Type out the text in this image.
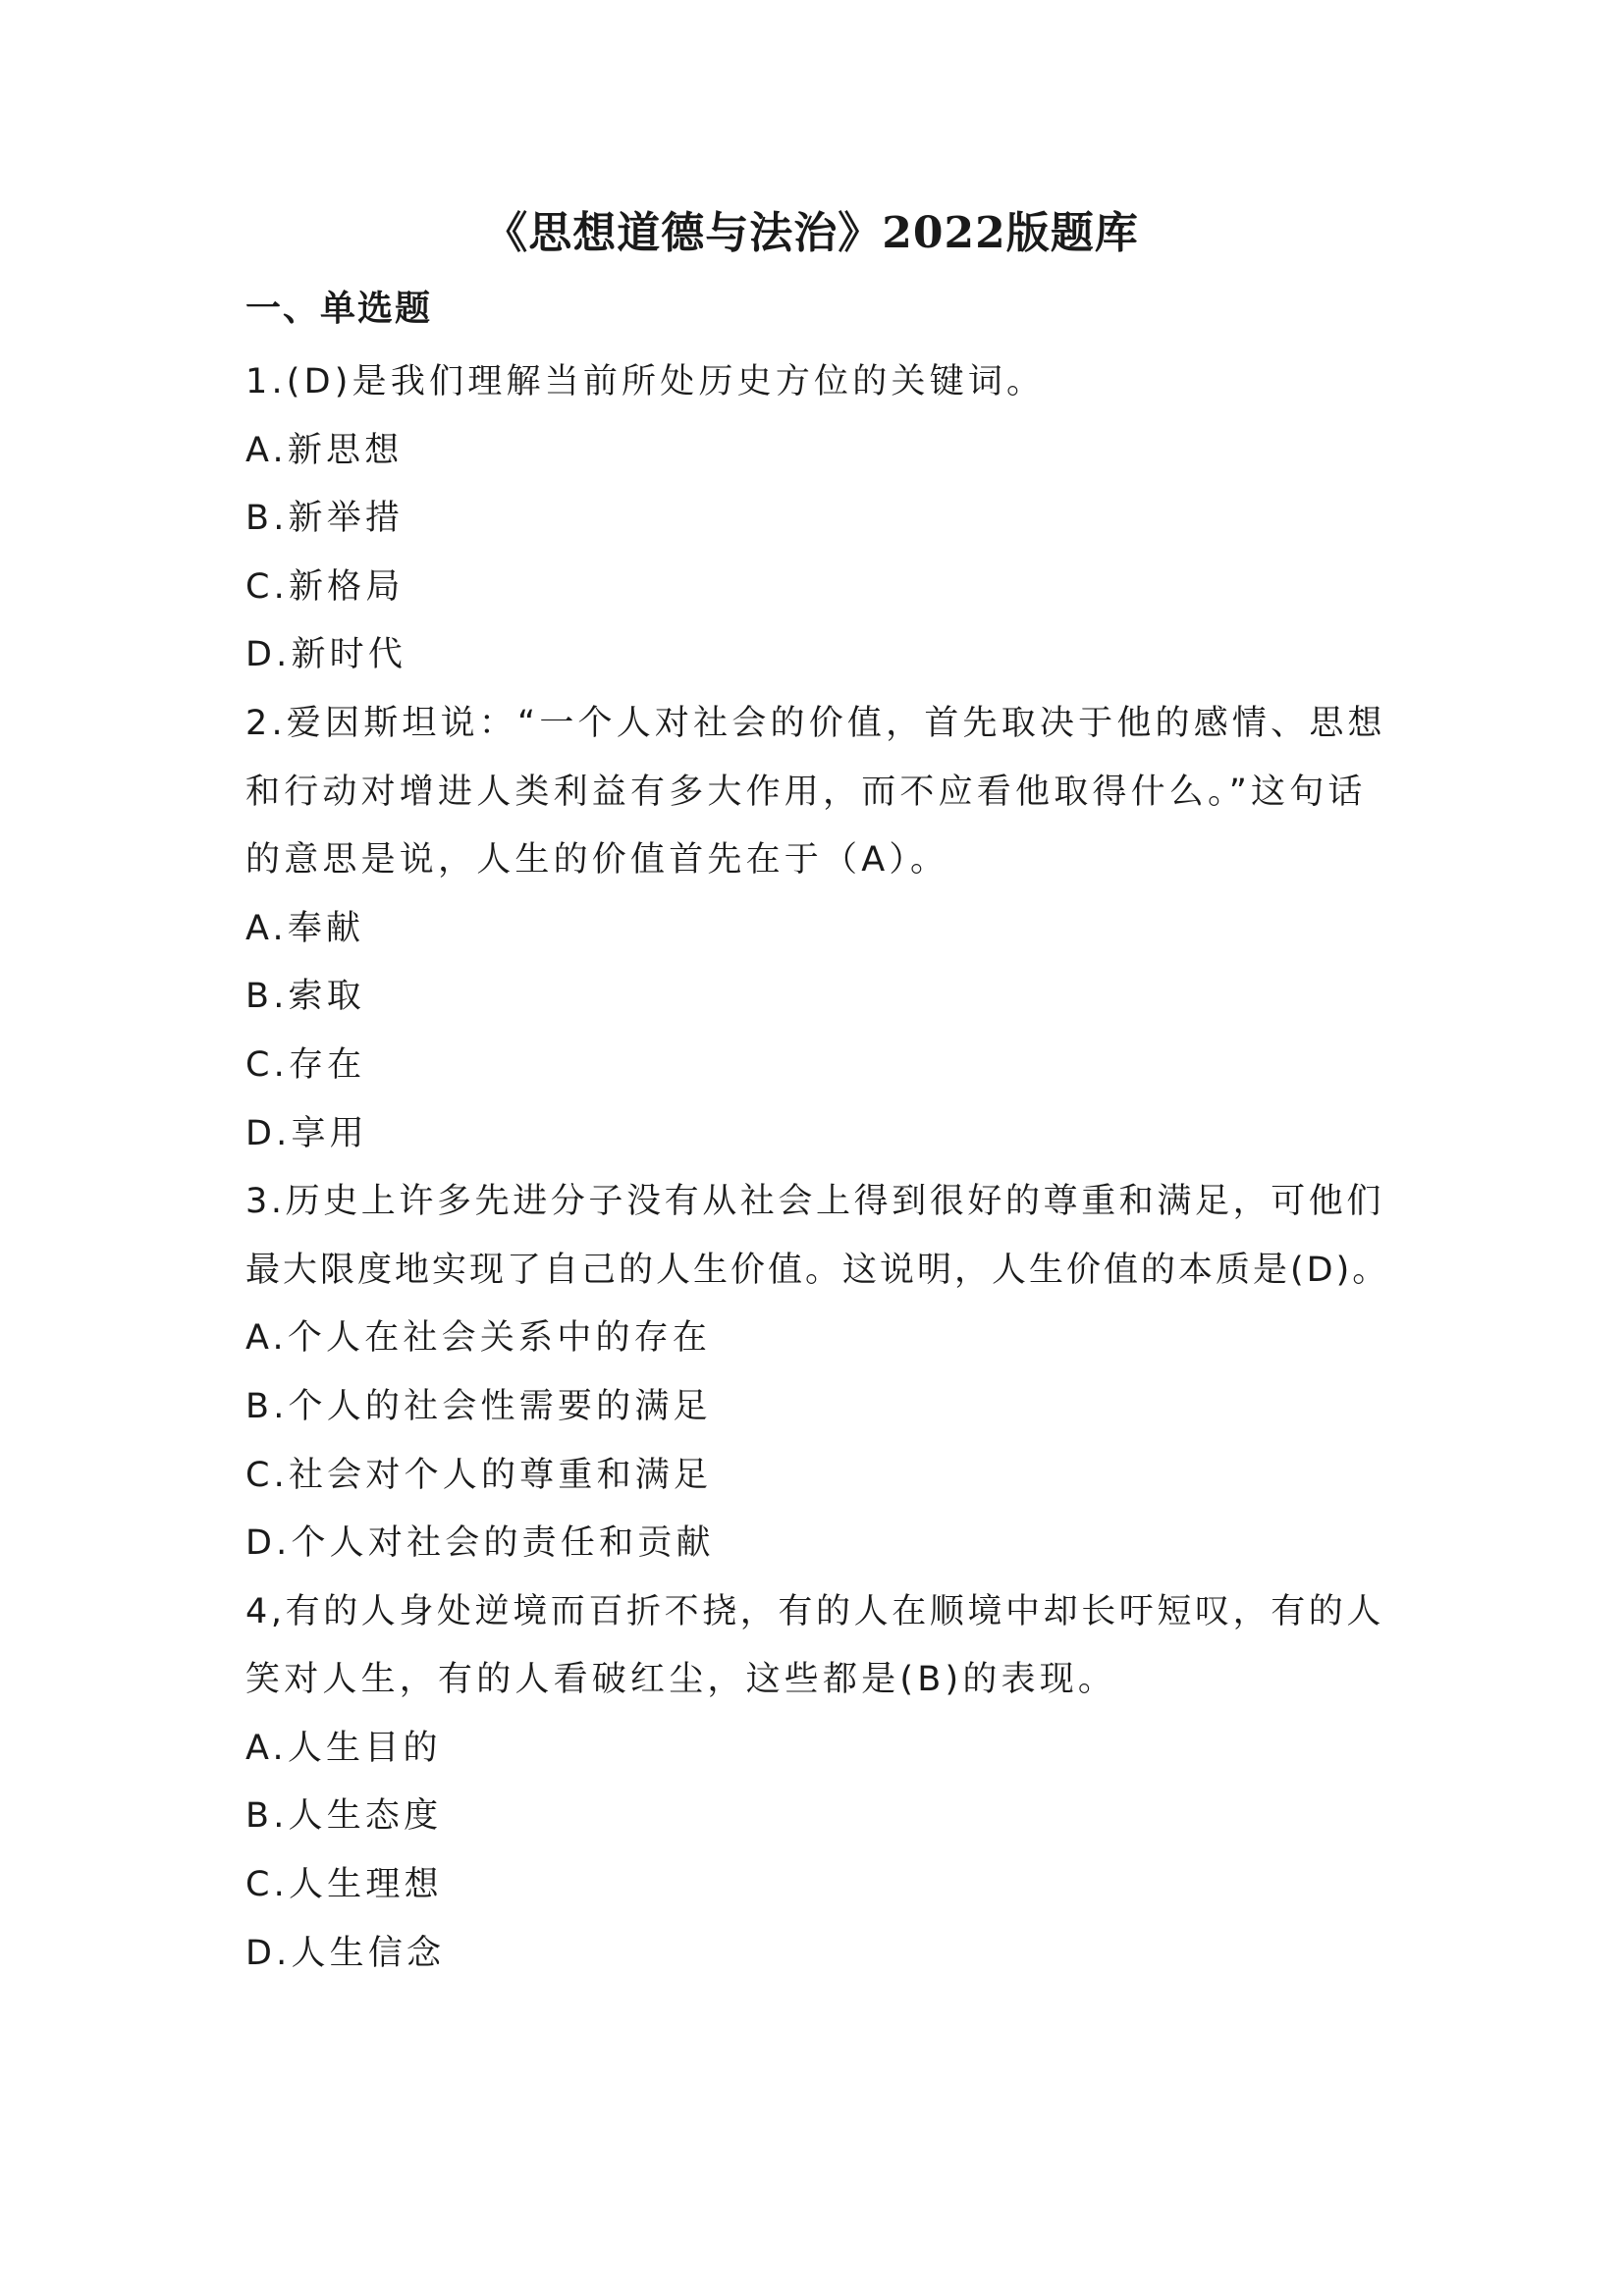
《思想道德与法治》2022版题库
一、单选题

1.(D)是我们理解当前所处历史方位的关键词。

A.新思想

B.新举措

C.新格局

D.新时代

2.爱因斯坦说：“一个人对社会的价值，首先取决于他的感情、思想

和行动对增进人类利益有多大作用，而不应看他取得什么。”这句话

的意思是说，人生的价值首先在于（A）。

A.奉献

B.索取

C.存在

D.享用

3.历史上许多先进分子没有从社会上得到很好的尊重和满足，可他们

最大限度地实现了自己的人生价值。这说明，人生价值的本质是(D)。

A.个人在社会关系中的存在

B.个人的社会性需要的满足

C.社会对个人的尊重和满足

D.个人对社会的责任和贡献

4,有的人身处逆境而百折不挠，有的人在顺境中却长吁短叹，有的人

笑对人生，有的人看破红尘，这些都是(B)的表现。

A.人生目的

B.人生态度

C.人生理想

D.人生信念
